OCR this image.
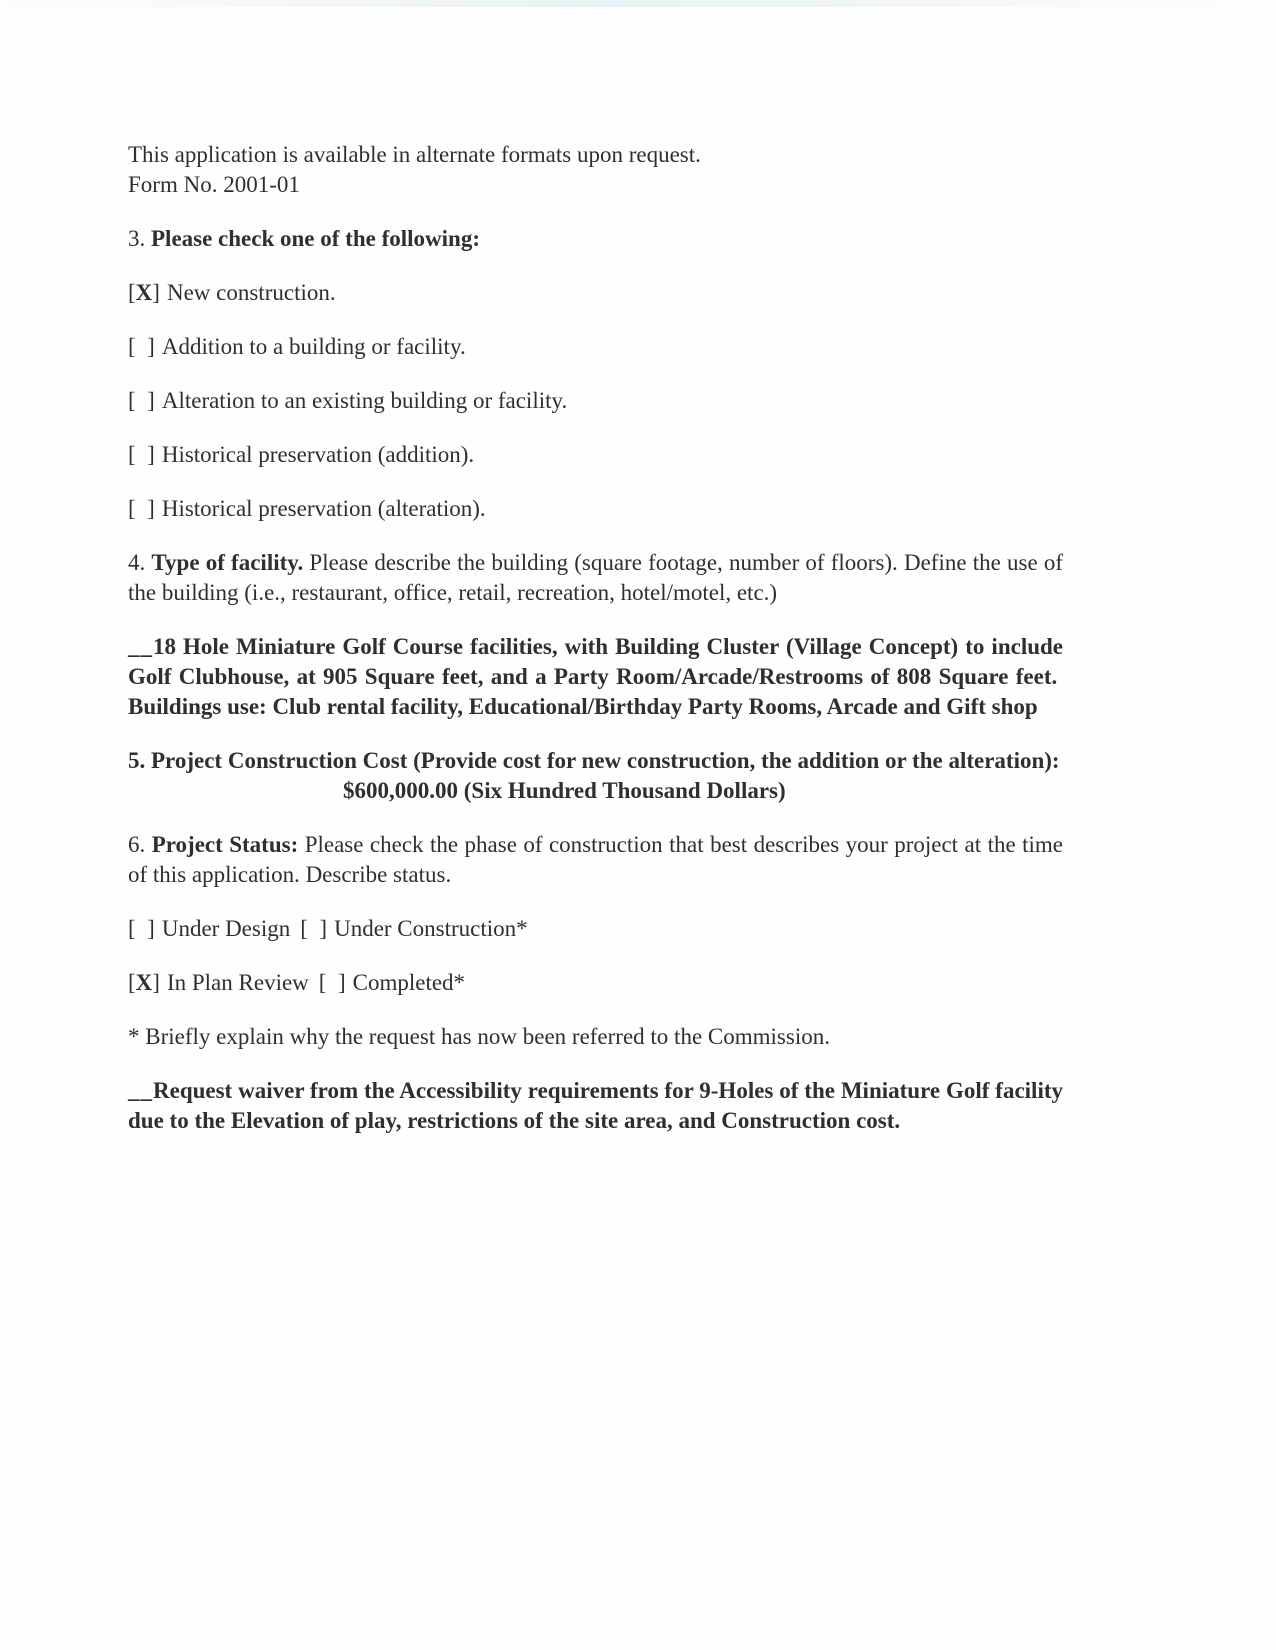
This application is available in alternate formats upon request.
Form No. 2001-01

3. Please check one of the following:

[X] New construction.

[ ] Addition to a building or facility.

[ ] Alteration to an existing building or facility.

[ ] Historical preservation (addition).

[ ] Historical preservation (alteration).

4. Type of facility. Please describe the building (square footage, number of floors). Define the use of the building (i.e., restaurant, office, retail, recreation, hotel/motel, etc.)

__18 Hole Miniature Golf Course facilities, with Building Cluster (Village Concept) to include Golf Clubhouse, at 905 Square feet, and a Party Room/Arcade/Restrooms of 808 Square feet.  Buildings use: Club rental facility, Educational/Birthday Party Rooms, Arcade and Gift shop

5. Project Construction Cost (Provide cost for new construction, the addition or the alteration):

$600,000.00 (Six Hundred Thousand Dollars)

6. Project Status: Please check the phase of construction that best describes your project at the time of this application. Describe status.

[ ] Under Design [ ] Under Construction*

[X] In Plan Review [ ] Completed*

* Briefly explain why the request has now been referred to the Commission.

__Request waiver from the Accessibility requirements for 9-Holes of the Miniature Golf facility due to the Elevation of play, restrictions of the site area, and Construction cost.
